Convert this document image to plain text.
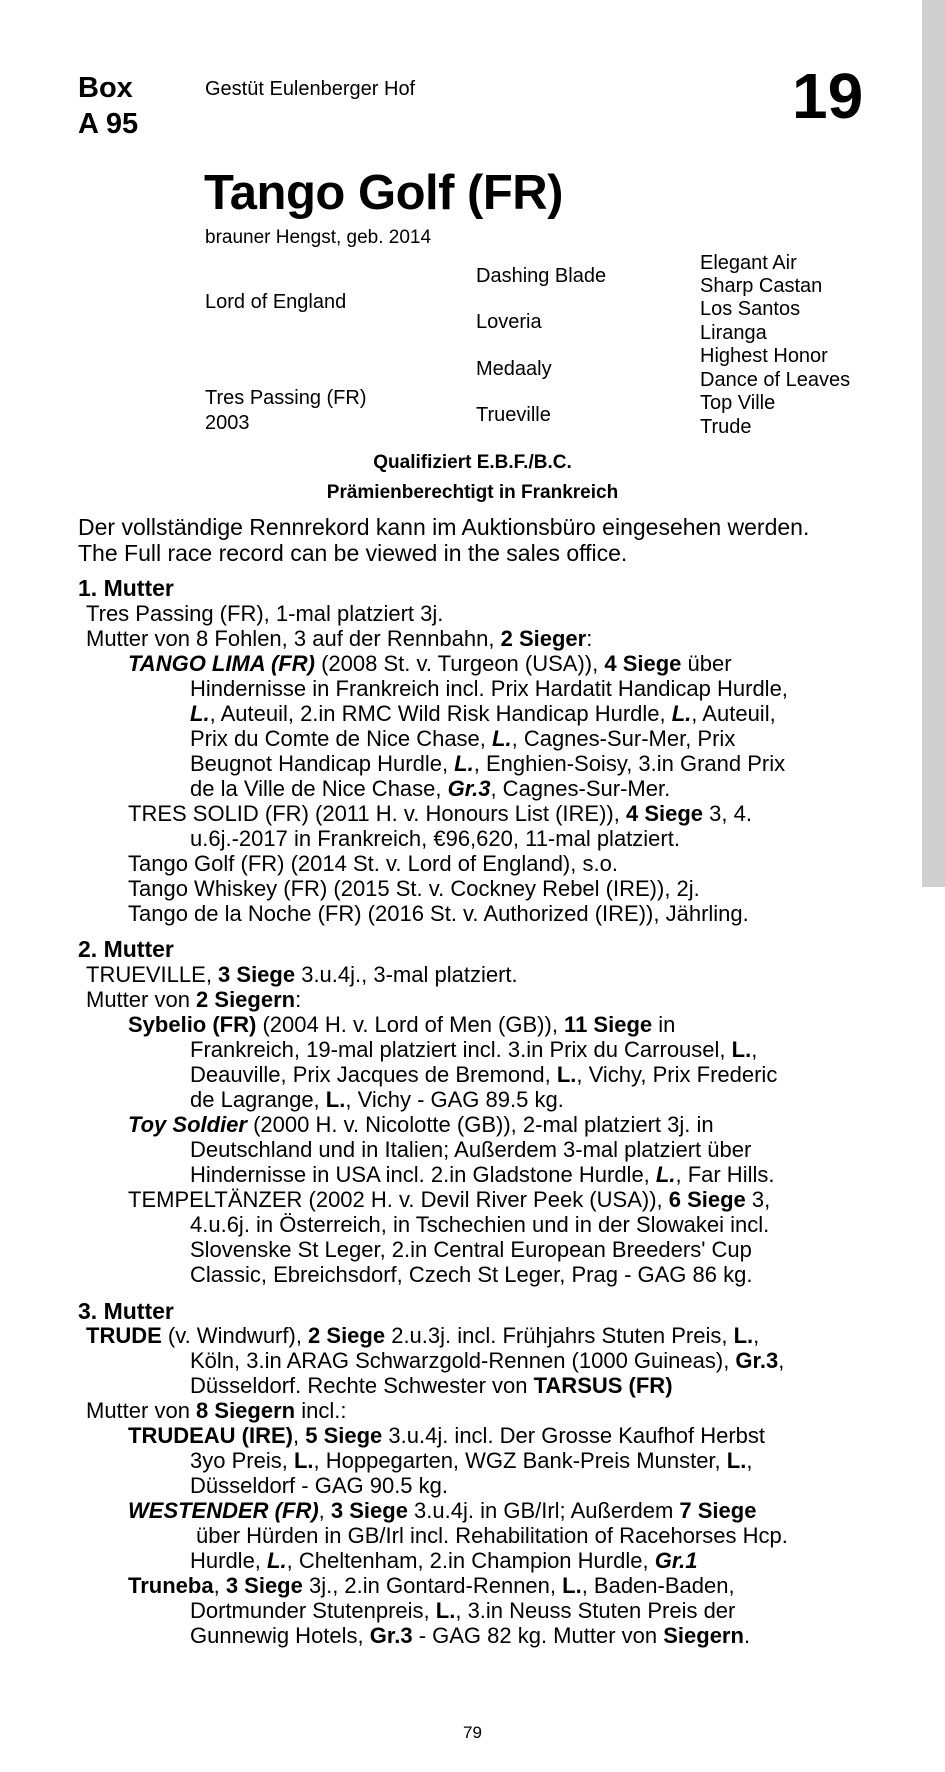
Box
A 95
Gestüt Eulenberger Hof	19
Tango Golf (FR)
brauner Hengst, geb. 2014
Lord of England
Tres Passing (FR)
2003
Dashing Blade
Loveria
Medaaly
Trueville
Elegant Air
Sharp Castan
Los Santos
Liranga
Highest Honor
Dance of Leaves
Top Ville
Trude
Qualifiziert E.B.F./B.C.
Prämienberechtigt in Frankreich
Der vollständige Rennrekord kann im Auktionsbüro eingesehen werden.
The Full race record can be viewed in the sales office.
1. Mutter
Tres Passing (FR), 1-mal platziert 3j.
Mutter von 8 Fohlen, 3 auf der Rennbahn, 2 Sieger:
TANGO LIMA (FR) (2008 St. v. Turgeon (USA)), 4 Siege über
Hindernisse in Frankreich incl. Prix Hardatit Handicap Hurdle,
L., Auteuil, 2.in RMC Wild Risk Handicap Hurdle, L., Auteuil,
Prix du Comte de Nice Chase, L., Cagnes-Sur-Mer, Prix
Beugnot Handicap Hurdle, L., Enghien-Soisy, 3.in Grand Prix
de la Ville de Nice Chase, Gr.3, Cagnes-Sur-Mer.
TRES SOLID (FR) (2011 H. v. Honours List (IRE)), 4 Siege 3, 4.
u.6j.-2017 in Frankreich, €96,620, 11-mal platziert.
Tango Golf (FR) (2014 St. v. Lord of England), s.o.
Tango Whiskey (FR) (2015 St. v. Cockney Rebel (IRE)), 2j.
Tango de la Noche (FR) (2016 St. v. Authorized (IRE)), Jährling.
2. Mutter
TRUEVILLE, 3 Siege 3.u.4j., 3-mal platziert.
Mutter von 2 Siegern:
Sybelio (FR) (2004 H. v. Lord of Men (GB)), 11 Siege in
Frankreich, 19-mal platziert incl. 3.in Prix du Carrousel, L.,
Deauville, Prix Jacques de Bremond, L., Vichy, Prix Frederic
de Lagrange, L., Vichy - GAG 89.5 kg.
Toy Soldier (2000 H. v. Nicolotte (GB)), 2-mal platziert 3j. in
Deutschland und in Italien; Außerdem 3-mal platziert über
Hindernisse in USA incl. 2.in Gladstone Hurdle, L., Far Hills.
TEMPELTÄNZER (2002 H. v. Devil River Peek (USA)), 6 Siege 3,
4.u.6j. in Österreich, in Tschechien und in der Slowakei incl.
Slovenske St Leger, 2.in Central European Breeders' Cup
Classic, Ebreichsdorf, Czech St Leger, Prag - GAG 86 kg.
3. Mutter
TRUDE (v. Windwurf), 2 Siege 2.u.3j. incl. Frühjahrs Stuten Preis, L.,
Köln, 3.in ARAG Schwarzgold-Rennen (1000 Guineas), Gr.3,
Düsseldorf. Rechte Schwester von TARSUS (FR)
Mutter von 8 Siegern incl.:
TRUDEAU (IRE), 5 Siege 3.u.4j. incl. Der Grosse Kaufhof Herbst
3yo Preis, L., Hoppegarten, WGZ Bank-Preis Munster, L.,
Düsseldorf - GAG 90.5 kg.
WESTENDER (FR), 3 Siege 3.u.4j. in GB/Irl; Außerdem 7 Siege
über Hürden in GB/Irl incl. Rehabilitation of Racehorses Hcp.
Hurdle, L., Cheltenham, 2.in Champion Hurdle, Gr.1
Truneba, 3 Siege 3j., 2.in Gontard-Rennen, L., Baden-Baden,
Dortmunder Stutenpreis, L., 3.in Neuss Stuten Preis der
Gunnewig Hotels, Gr.3 - GAG 82 kg. Mutter von Siegern.
79
